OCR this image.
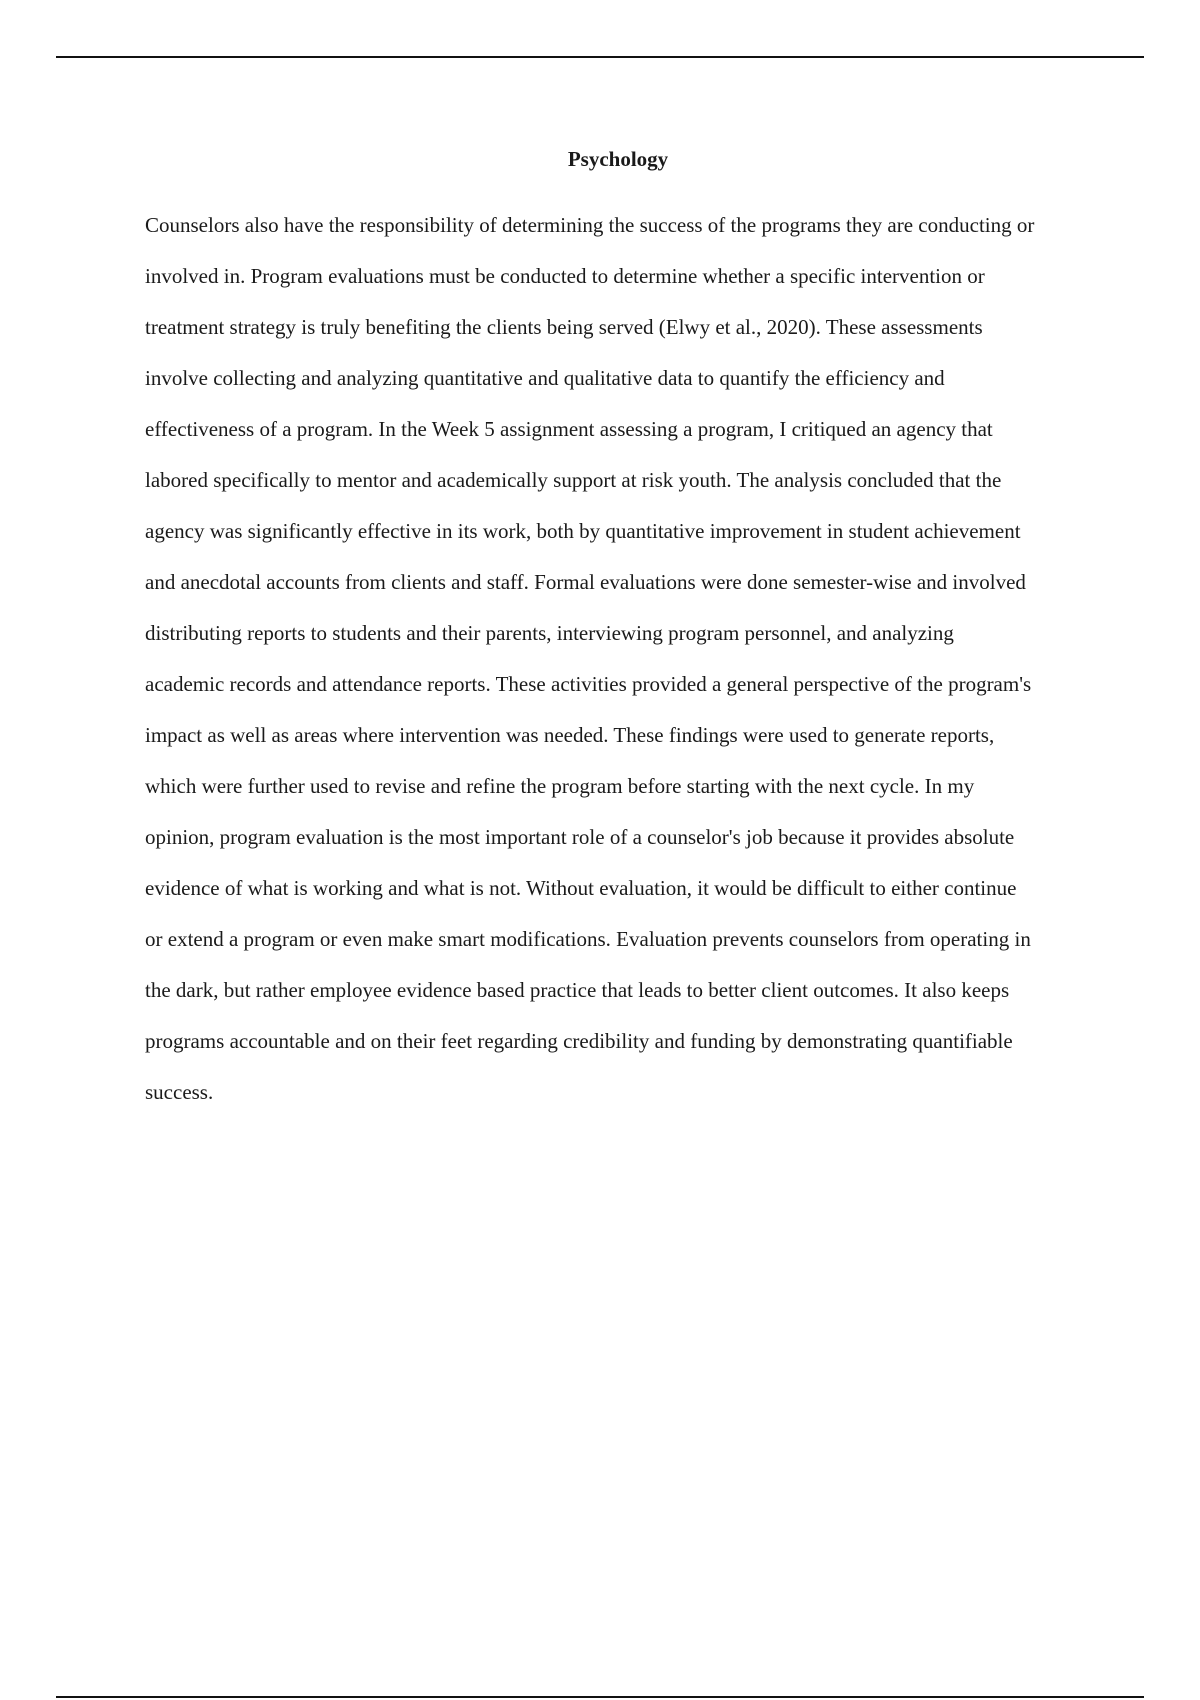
Psychology
Counselors also have the responsibility of determining the success of the programs they are conducting or
involved in. Program evaluations must be conducted to determine whether a specific intervention or
treatment strategy is truly benefiting the clients being served (Elwy et al., 2020). These assessments
involve collecting and analyzing quantitative and qualitative data to quantify the efficiency and
effectiveness of a program. In the Week 5 assignment assessing a program, I critiqued an agency that
labored specifically to mentor and academically support at risk youth. The analysis concluded that the
agency was significantly effective in its work, both by quantitative improvement in student achievement
and anecdotal accounts from clients and staff. Formal evaluations were done semester-wise and involved
distributing reports to students and their parents, interviewing program personnel, and analyzing
academic records and attendance reports. These activities provided a general perspective of the program's
impact as well as areas where intervention was needed. These findings were used to generate reports,
which were further used to revise and refine the program before starting with the next cycle. In my
opinion, program evaluation is the most important role of a counselor's job because it provides absolute
evidence of what is working and what is not. Without evaluation, it would be difficult to either continue
or extend a program or even make smart modifications. Evaluation prevents counselors from operating in
the dark, but rather employee evidence based practice that leads to better client outcomes. It also keeps
programs accountable and on their feet regarding credibility and funding by demonstrating quantifiable
success.
